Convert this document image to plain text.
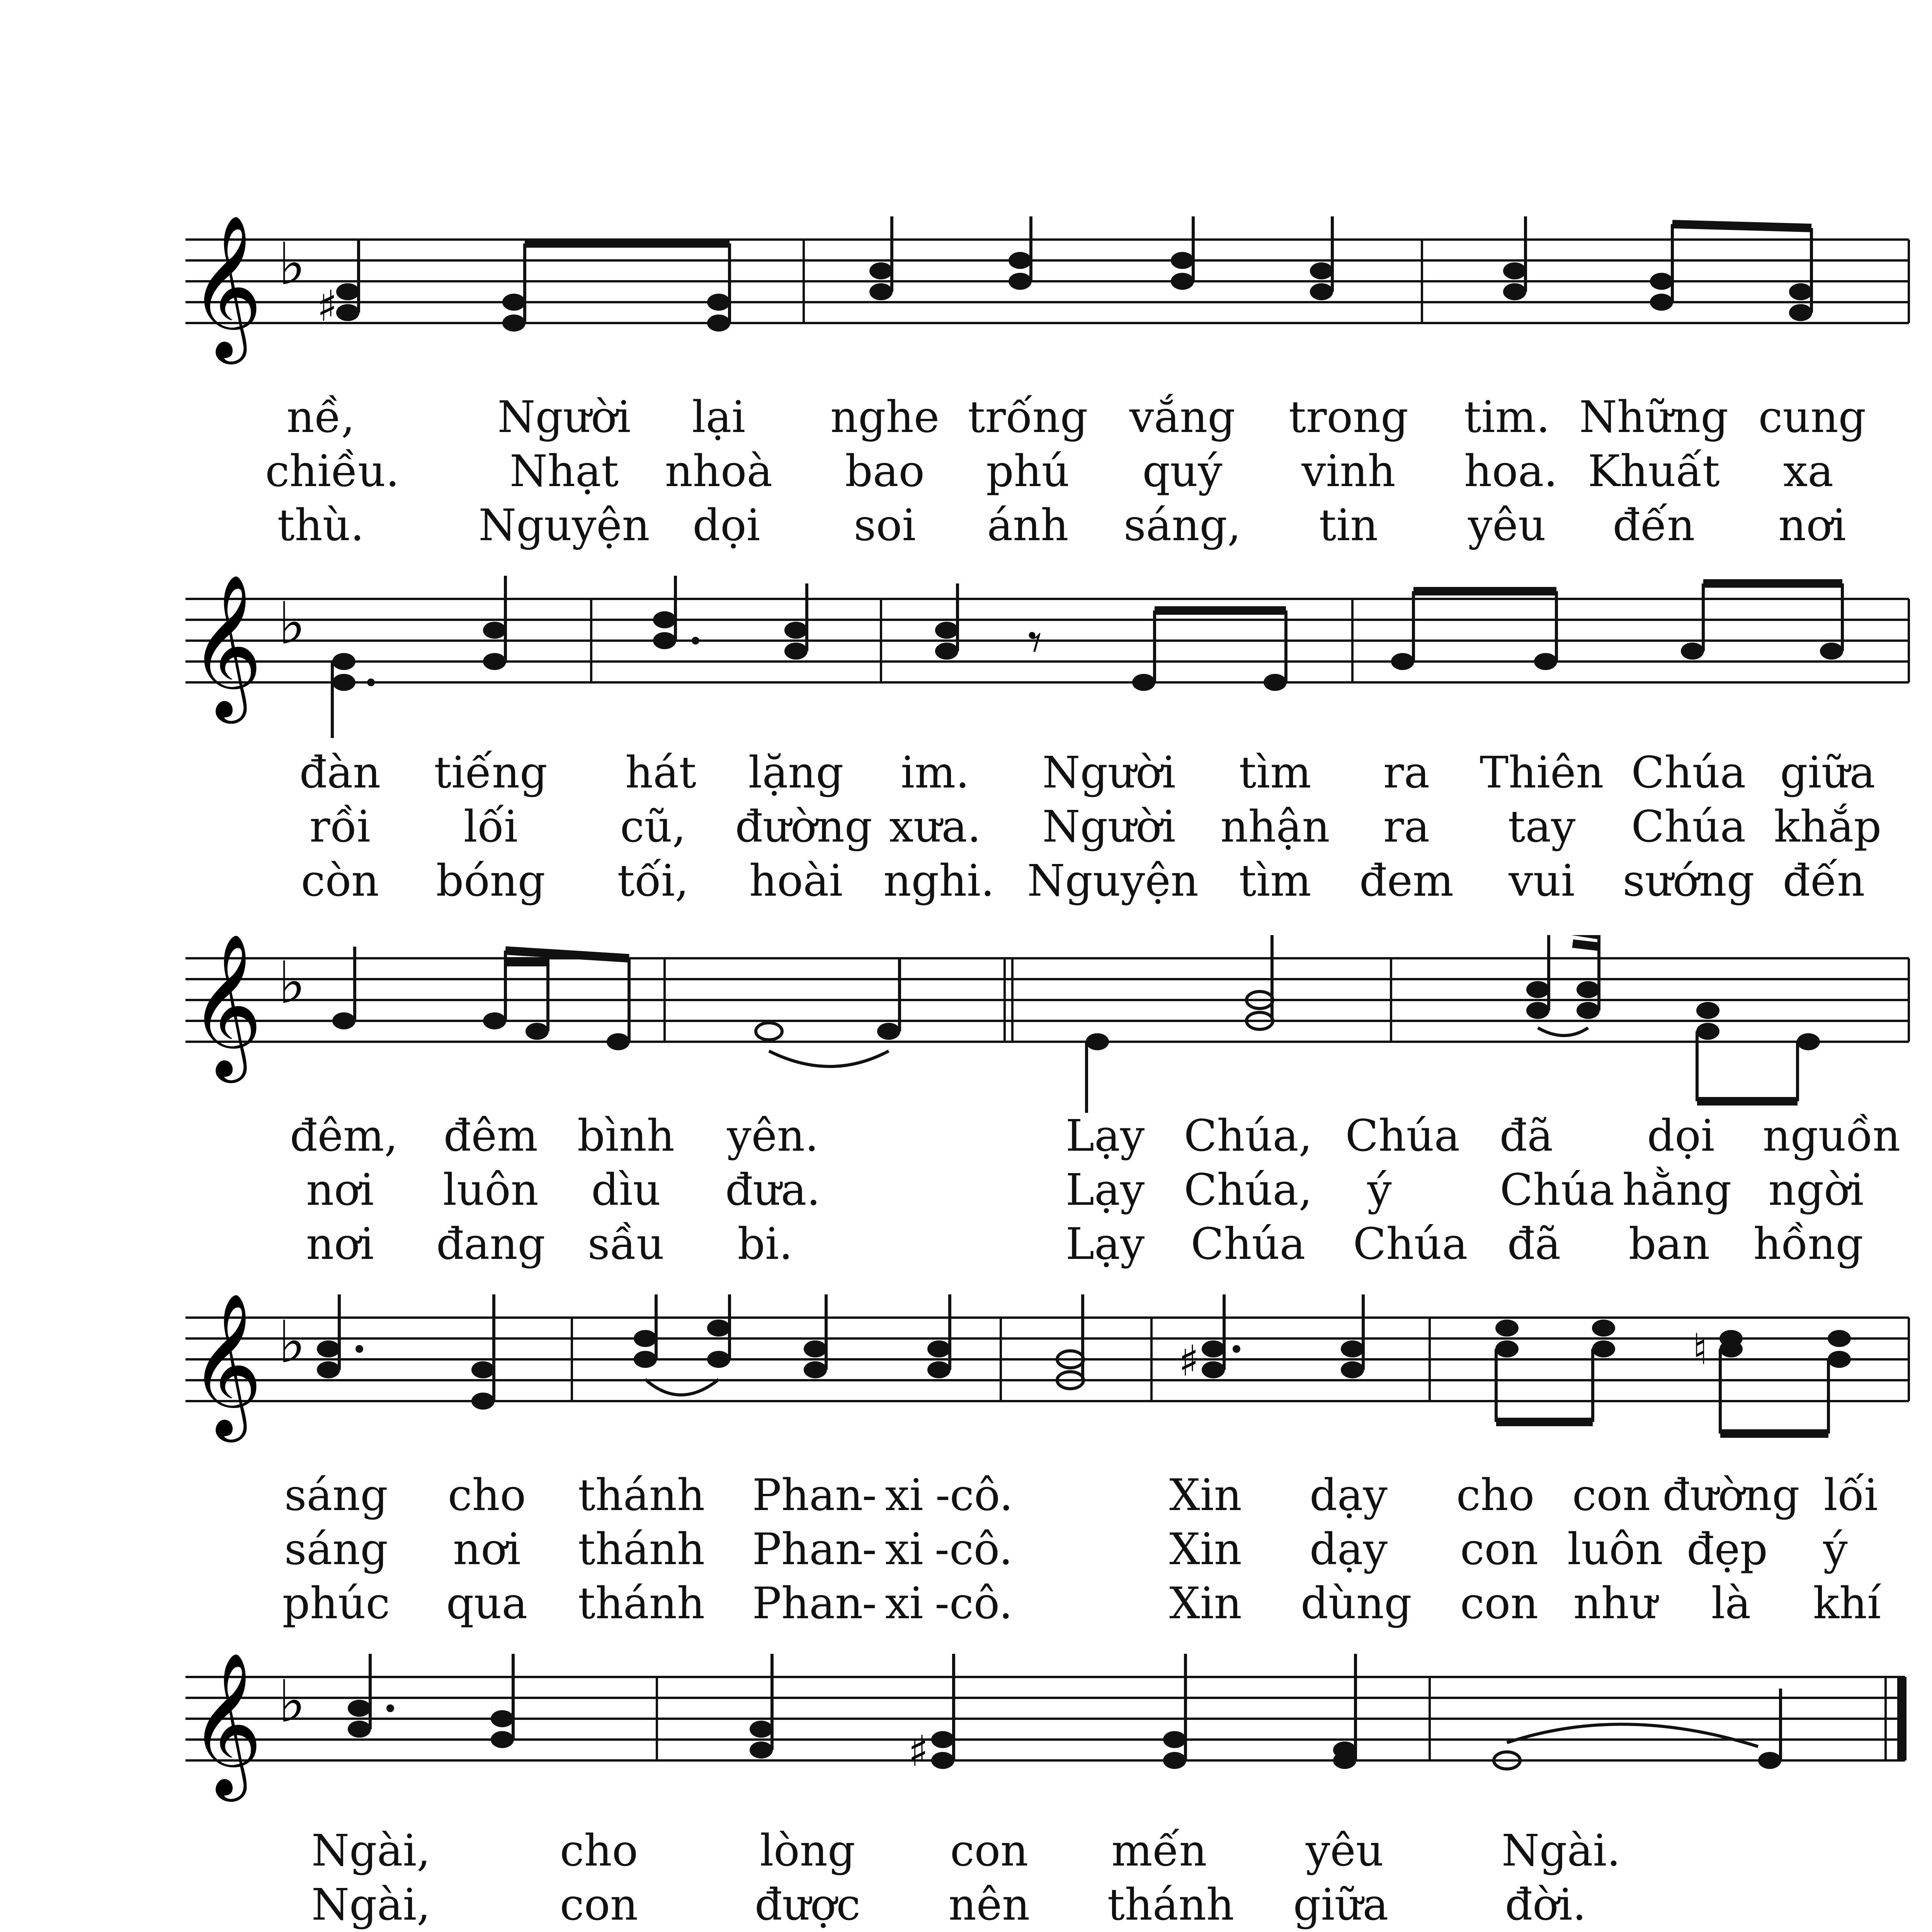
𝄞 ♭
♯
nề,	Người lại nghe trống vắng trong tim. Những cung
chiều.	Nhạt nhoà bao phú quý vinh hoa. Khuất xa
thù.	Nguyện dọi soi ánh sáng, tin yêu đến nơi
𝄞 ♭	𝄾
đàn tiếng hát lặng im. Người tìm ra Thiên Chúa giữa
rồi lối cũ, đường xưa. Người nhận ra tay Chúa khắp
còn bóng tối, hoài nghi. Nguyện tìm đem vui sướng đến
𝄞 ♭
đêm, đêm bình yên.	Lạy Chúa, Chúa đã dọi nguồn
nơi luôn dìu đưa.	Lạy Chúa, ý Chúa hằng ngời
nơi đang sầu bi.	Lạy Chúa Chúa đã ban hồng
𝄞 ♭	♯	♮
sáng cho thánh Phan
- xi - cô.	Xin dạy cho con đường lối
sáng nơi thánh Phan
- xi -cô.	Xin dạy con luôn đẹp ý
phúc qua thánh Phan
- xi -cô.	Xin dùng con như là khí
𝄞 ♭
♯
Ngài,	cho	lòng con mến yêu	Ngài.
Ngài,	con	được nên thánh giữa	đời.
